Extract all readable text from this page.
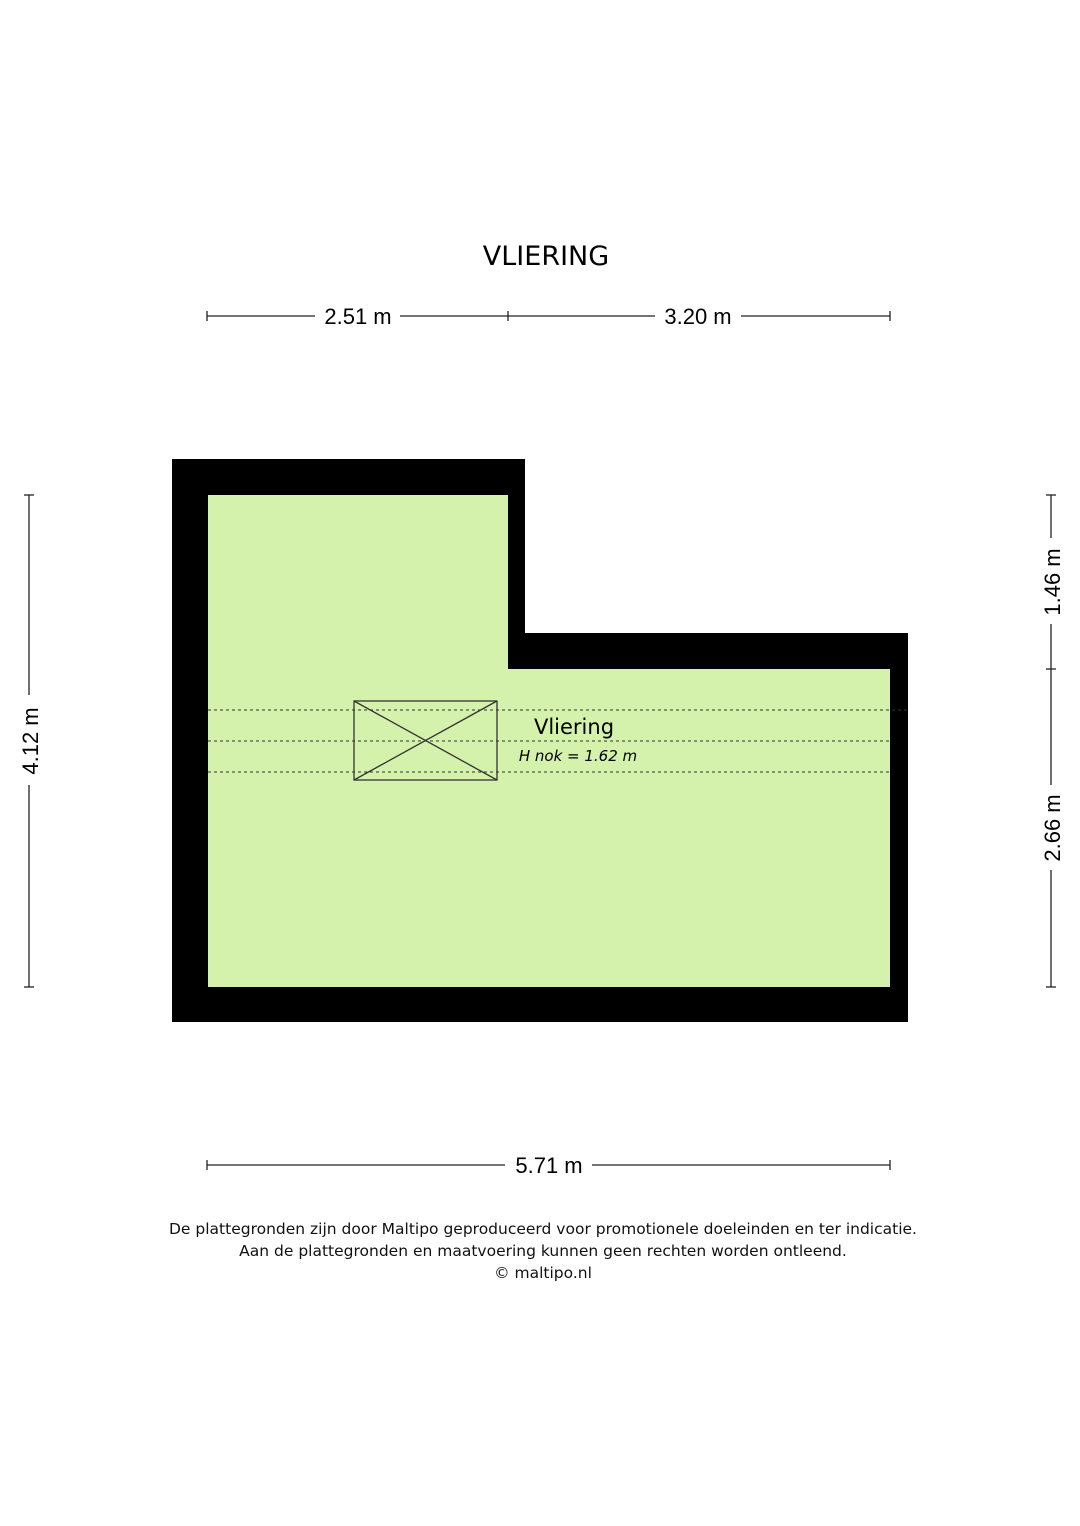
VLIERING
2.51 m	3.20 m
Vliering
H nok = 1.62 m
4.12 m
1.46 m
2.66 m
5.71 m
De plattegronden zijn door Maltipo geproduceerd voor promotionele doeleinden en ter indicatie.
Aan de plattegronden en maatvoering kunnen geen rechten worden ontleend.
© maltipo.nl
